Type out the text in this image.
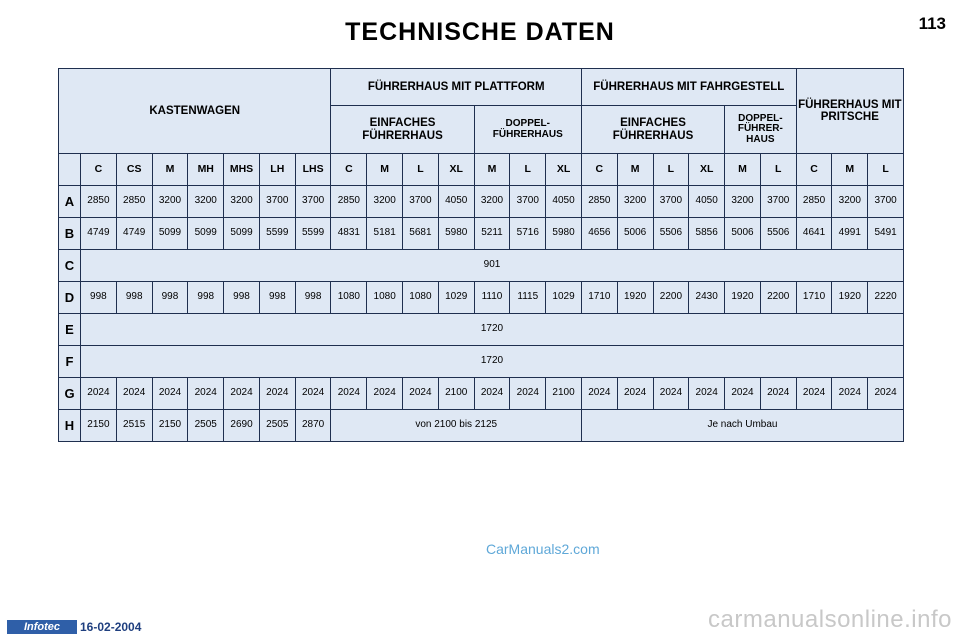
TECHNISCHE DATEN	113
KASTENWAGEN								FÜHRERHAUS MIT PLATTFORM							FÜHRERHAUS MIT FAHRGESTELL						FÜHRERHAUS MIT PRITSCHE		
								EINFACHES FÜHRERHAUS				DOPPEL-FÜHRERHAUS			EINFACHES FÜHRERHAUS				DOPPEL-FÜHRER-HAUS				
	C	CS	M	MH	MHS	LH	LHS	C	M	L	XL	M	L	XL	C	M	L	XL	M	L	C	M	L
A	2850	2850	3200	3200	3200	3700	3700	2850	3200	3700	4050	3200	3700	4050	2850	3200	3700	4050	3200	3700	2850	3200	3700
B	4749	4749	5099	5099	5099	5599	5599	4831	5181	5681	5980	5211	5716	5980	4656	5006	5506	5856	5006	5506	4641	4991	5491
C	901																						
D	998	998	998	998	998	998	998	1080	1080	1080	1029	1110	1115	1029	1710	1920	2200	2430	1920	2200	1710	1920	2220
E	1720																						
F	1720																						
G	2024	2024	2024	2024	2024	2024	2024	2024	2024	2024	2100	2024	2024	2100	2024	2024	2024	2024	2024	2024	2024	2024	2024
H	2150	2515	2150	2505	2690	2505	2870	von 2100 bis 2125							Je nach Umbau								
CarManuals2.com
Infotec	16-02-2004	carmanualsonline.info
